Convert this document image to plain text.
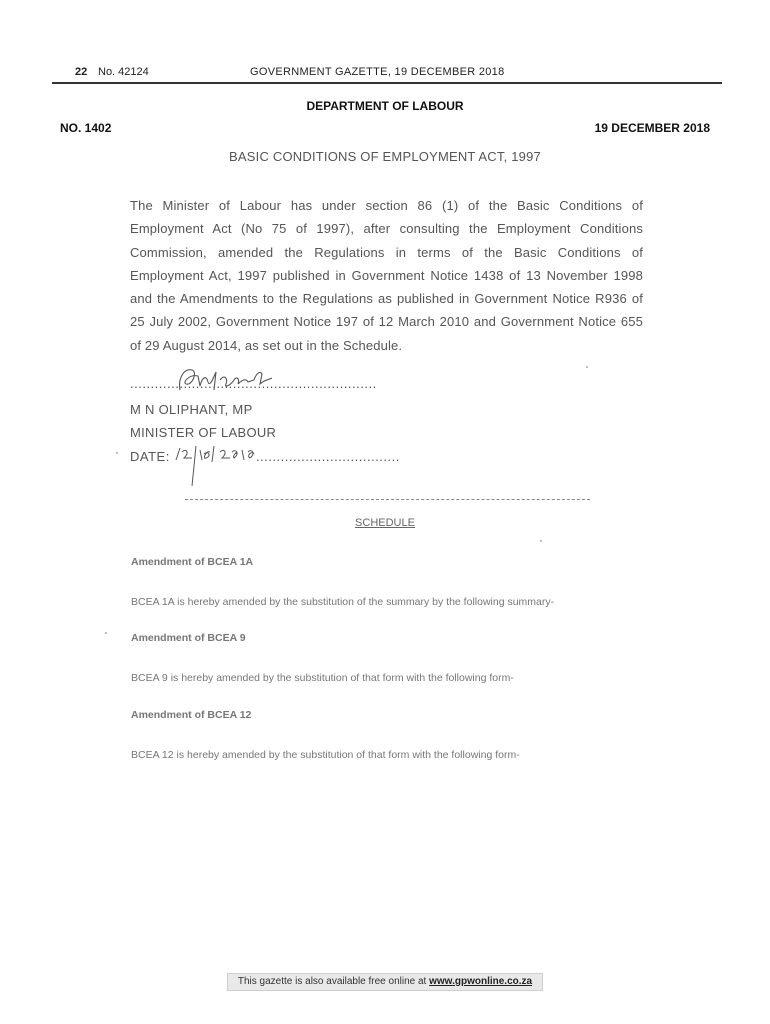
22 No. 42124	GOVERNMENT GAZETTE, 19 DECEMBER 2018
DEPARTMENT OF LABOUR
NO. 1402	19 DECEMBER 2018
BASIC CONDITIONS OF EMPLOYMENT ACT, 1997
The Minister of Labour has under section 86 (1) of the Basic Conditions of Employment Act (No 75 of 1997), after consulting the Employment Conditions Commission, amended the Regulations in terms of the Basic Conditions of Employment Act, 1997 published in Government Notice 1438 of 13 November 1998 and the Amendments to the Regulations as published in Government Notice R936 of 25 July 2002, Government Notice 197 of 12 March 2010 and Government Notice 655 of 29 August 2014, as set out in the Schedule.
............................................................
M N OLIPHANT, MP
MINISTER OF LABOUR
DATE:	...................................
SCHEDULE
Amendment of BCEA 1A
BCEA 1A is hereby amended by the substitution of the summary by the following summary-
Amendment of BCEA 9
BCEA 9 is hereby amended by the substitution of that form with the following form-
Amendment of BCEA 12
BCEA 12 is hereby amended by the substitution of that form with the following form-
This gazette is also available free online at www.gpwonline.co.za
